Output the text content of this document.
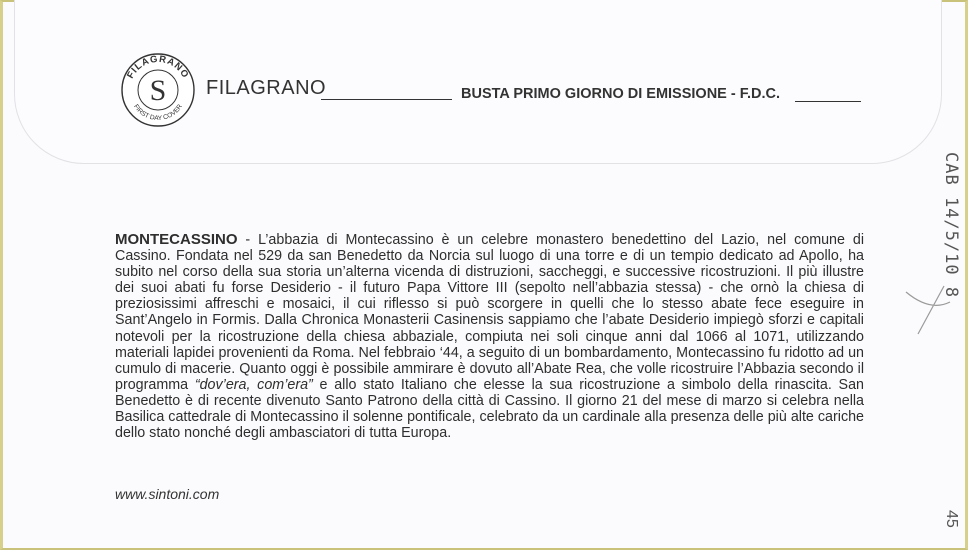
FILAGRANO
FIRST DAY COVER
S FILAGRANO	BUSTA PRIMO GIORNO DI EMISSIONE - F.D.C.
MONTECASSINO - L’abbazia di Montecassino è un celebre monastero benedettino del Lazio, nel comune di Cassino. Fondata nel 529 da san Benedetto da Norcia sul luogo di una torre e di un tempio dedicato ad Apollo, ha subito nel corso della sua storia un’alterna vicenda di distruzioni, saccheggi, e successive ricostruzioni. Il più illustre dei suoi abati fu forse Desiderio - il futuro Papa Vittore III (sepolto nell’abbazia stessa) - che ornò la chiesa di preziosissimi affreschi e mosaici, il cui riflesso si può scorgere in quelli che lo stesso abate fece eseguire in Sant’Angelo in Formis. Dalla Chronica Monasterii Casinensis sappiamo che l’abate Desiderio impiegò sforzi e capitali notevoli per la ricostruzione della chiesa abbaziale, compiuta nei soli cinque anni dal 1066 al 1071, utilizzando materiali lapidei provenienti da Roma. Nel febbraio ‘44, a seguito di un bombardamento, Montecassino fu ridotto ad un cumulo di macerie. Quanto oggi è possibile ammirare è dovuto all’Abate Rea, che volle ricostruire l’Abbazia secondo il programma “dov’era, com’era” e allo stato Italiano che elesse la sua ricostruzione a simbolo della rinascita. San Benedetto è di recente divenuto Santo Patrono della città di Cassino. Il giorno 21 del mese di marzo si celebra nella Basilica cattedrale di Montecassino il solenne pontificale, celebrato da un cardinale alla presenza delle più alte cariche dello stato nonché degli ambasciatori di tutta Europa.
www.sintoni.com
CAB 14/5/10 8
45
